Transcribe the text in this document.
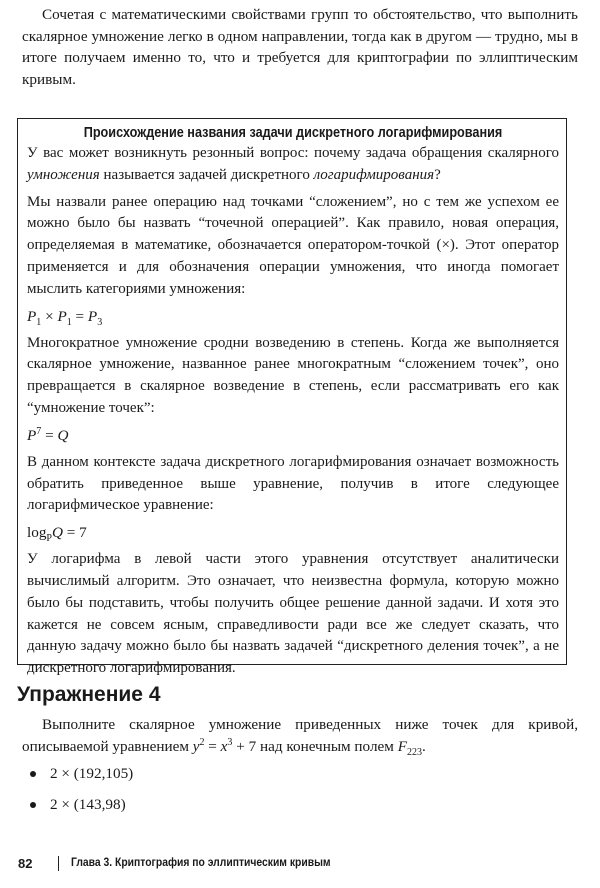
Сочетая с математическими свойствами групп то обстоятельство, что выполнить скалярное умножение легко в одном направлении, тогда как в другом — трудно, мы в итоге получаем именно то, что и требуется для криптографии по эллиптическим кривым.

Происхождение названия задачи дискретного логарифмирования

У вас может возникнуть резонный вопрос: почему задача обращения скалярного умножения называется задачей дискретного логарифмирования?

Мы назвали ранее операцию над точками “сложением”, но с тем же успехом ее можно было бы назвать “точечной операцией”. Как правило, новая операция, определяемая в математике, обозначается оператором-точкой (×). Этот оператор применяется и для обозначения операции умножения, что иногда помогает мыслить категориями умножения:

$P_1 \times P_1 = P_3$

Многократное умножение сродни возведению в степень. Когда же выполняется скалярное умножение, названное ранее многократным “сложением точек”, оно превращается в скалярное возведение в степень, если рассматривать его как “умножение точек”:

$P^7 = Q$

В данном контексте задача дискретного логарифмирования означает возможность обратить приведенное выше уравнение, получив в итоге следующее логарифмическое уравнение:

$\log_PQ = 7$

У логарифма в левой части этого уравнения отсутствует аналитически вычислимый алгоритм. Это означает, что неизвестна формула, которую можно было бы подставить, чтобы получить общее решение данной задачи. И хотя это кажется не совсем ясным, справедливости ради все же следует сказать, что данную задачу можно было бы назвать задачей “дискретного деления точек”, а не дискретного логарифмирования.

Упражнение 4

Выполните скалярное умножение приведенных ниже точек для кривой, описываемой уравнением $y^2 = x^3 + 7$ над конечным полем $F_{223}$.

2 × (192,105)
2 × (143,98)
82	Глава 3. Криптография по эллиптическим кривым
